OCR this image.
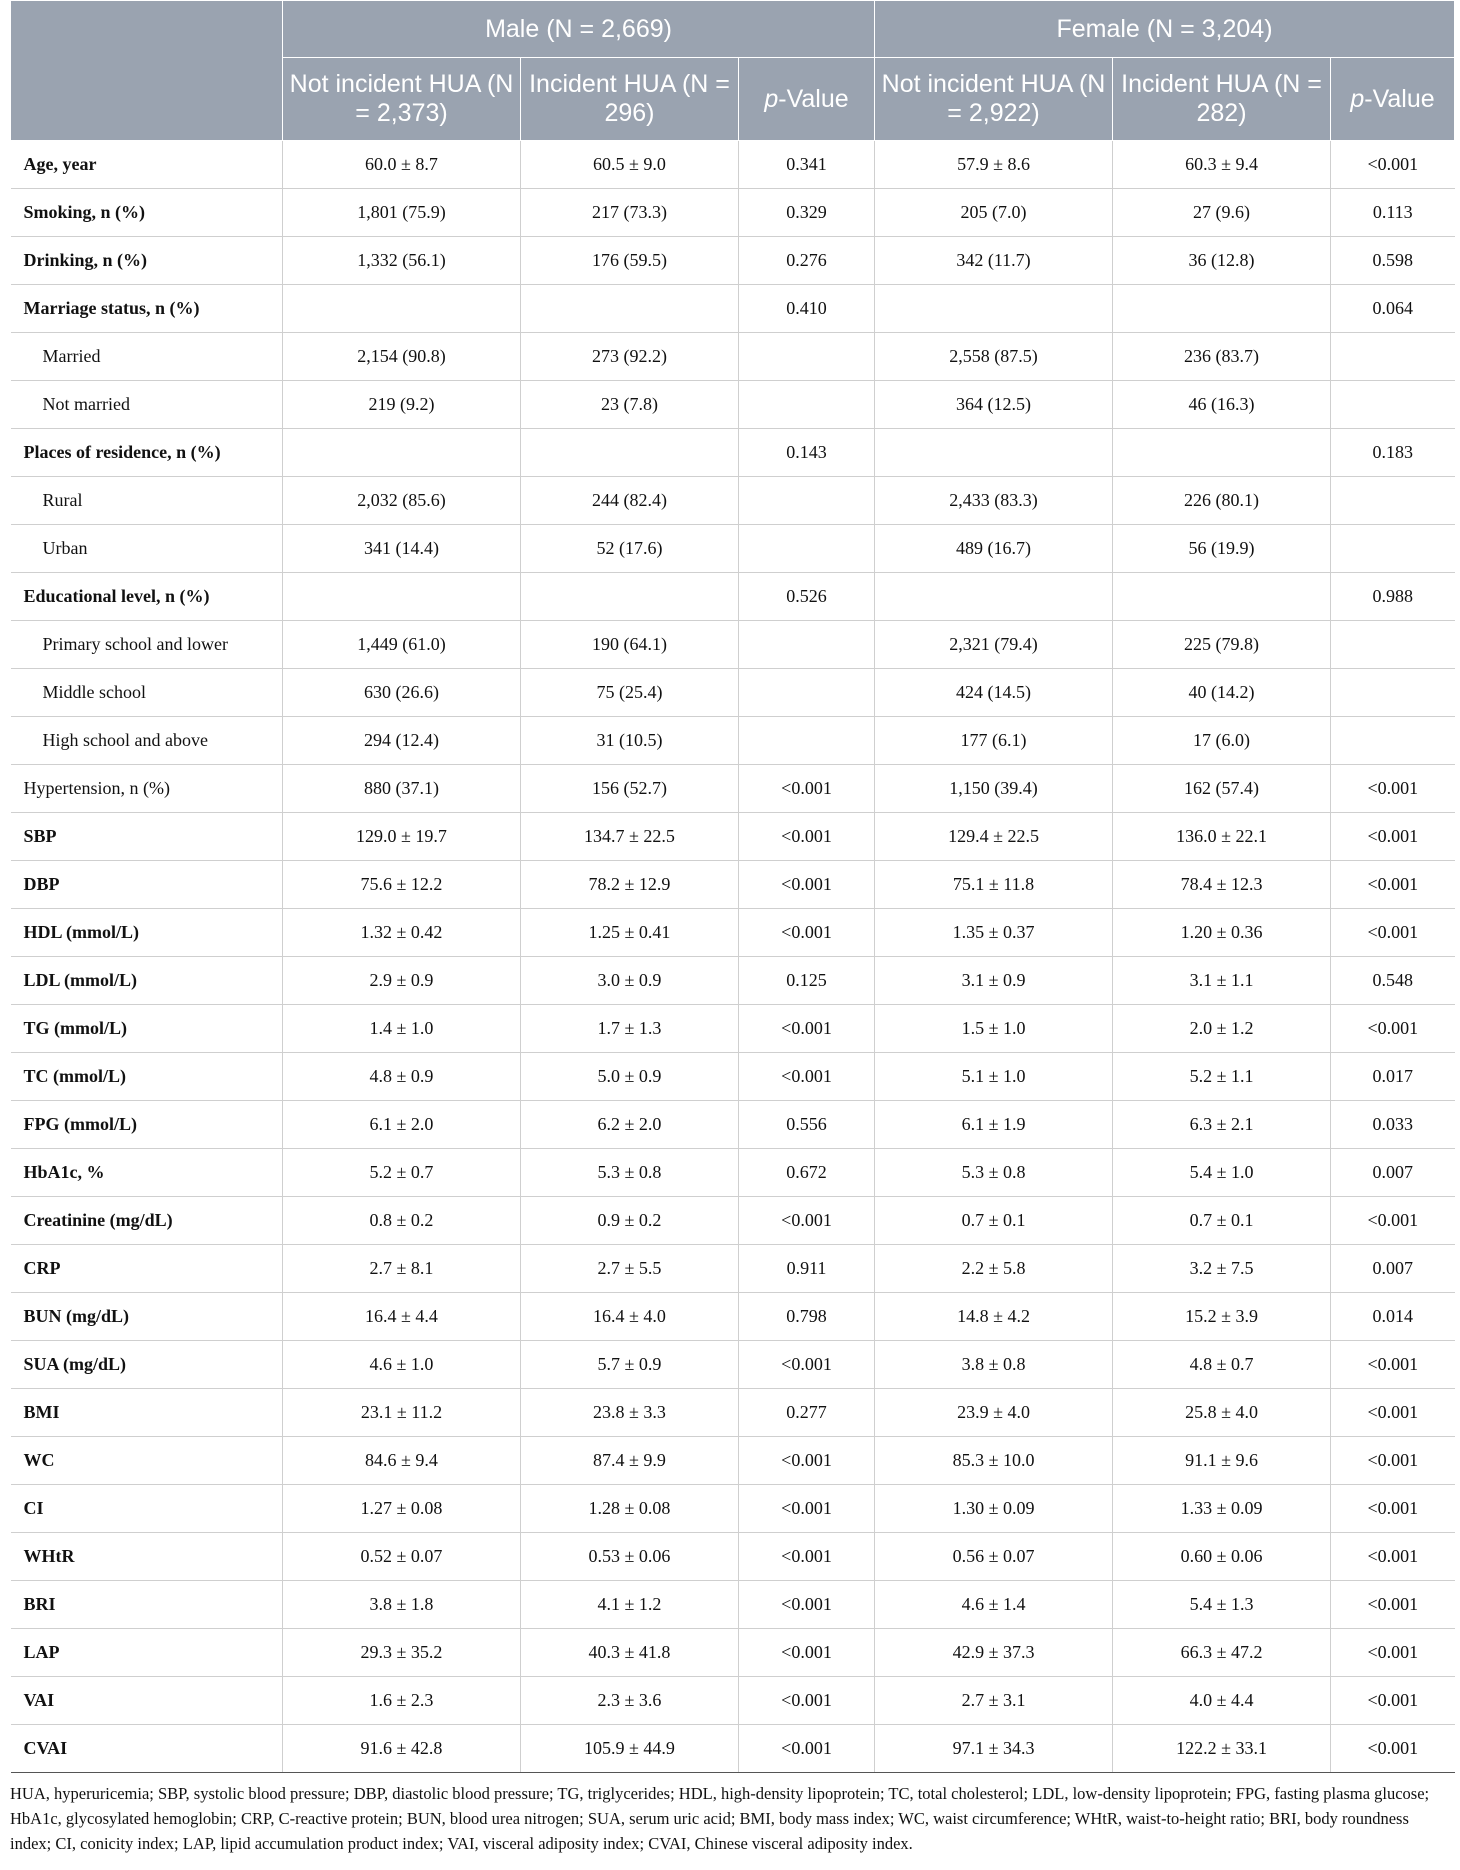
	Male (N = 2,669)			Female (N = 3,204)		
	Not incident HUA (N = 2,373)	Incident HUA (N = 296)	p-Value	Not incident HUA (N = 2,922)	Incident HUA (N = 282)	p-Value
Age, year	60.0 ± 8.7	60.5 ± 9.0	0.341	57.9 ± 8.6	60.3 ± 9.4	<0.001
Smoking, n (%)	1,801 (75.9)	217 (73.3)	0.329	205 (7.0)	27 (9.6)	0.113
Drinking, n (%)	1,332 (56.1)	176 (59.5)	0.276	342 (11.7)	36 (12.8)	0.598
Marriage status, n (%)			0.410			0.064
Married	2,154 (90.8)	273 (92.2)		2,558 (87.5)	236 (83.7)	
Not married	219 (9.2)	23 (7.8)		364 (12.5)	46 (16.3)	
Places of residence, n (%)			0.143			0.183
Rural	2,032 (85.6)	244 (82.4)		2,433 (83.3)	226 (80.1)	
Urban	341 (14.4)	52 (17.6)		489 (16.7)	56 (19.9)	
Educational level, n (%)			0.526			0.988
Primary school and lower	1,449 (61.0)	190 (64.1)		2,321 (79.4)	225 (79.8)	
Middle school	630 (26.6)	75 (25.4)		424 (14.5)	40 (14.2)	
High school and above	294 (12.4)	31 (10.5)		177 (6.1)	17 (6.0)	
Hypertension, n (%)	880 (37.1)	156 (52.7)	<0.001	1,150 (39.4)	162 (57.4)	<0.001
SBP	129.0 ± 19.7	134.7 ± 22.5	<0.001	129.4 ± 22.5	136.0 ± 22.1	<0.001
DBP	75.6 ± 12.2	78.2 ± 12.9	<0.001	75.1 ± 11.8	78.4 ± 12.3	<0.001
HDL (mmol/L)	1.32 ± 0.42	1.25 ± 0.41	<0.001	1.35 ± 0.37	1.20 ± 0.36	<0.001
LDL (mmol/L)	2.9 ± 0.9	3.0 ± 0.9	0.125	3.1 ± 0.9	3.1 ± 1.1	0.548
TG (mmol/L)	1.4 ± 1.0	1.7 ± 1.3	<0.001	1.5 ± 1.0	2.0 ± 1.2	<0.001
TC (mmol/L)	4.8 ± 0.9	5.0 ± 0.9	<0.001	5.1 ± 1.0	5.2 ± 1.1	0.017
FPG (mmol/L)	6.1 ± 2.0	6.2 ± 2.0	0.556	6.1 ± 1.9	6.3 ± 2.1	0.033
HbA1c, %	5.2 ± 0.7	5.3 ± 0.8	0.672	5.3 ± 0.8	5.4 ± 1.0	0.007
Creatinine (mg/dL)	0.8 ± 0.2	0.9 ± 0.2	<0.001	0.7 ± 0.1	0.7 ± 0.1	<0.001
CRP	2.7 ± 8.1	2.7 ± 5.5	0.911	2.2 ± 5.8	3.2 ± 7.5	0.007
BUN (mg/dL)	16.4 ± 4.4	16.4 ± 4.0	0.798	14.8 ± 4.2	15.2 ± 3.9	0.014
SUA (mg/dL)	4.6 ± 1.0	5.7 ± 0.9	<0.001	3.8 ± 0.8	4.8 ± 0.7	<0.001
BMI	23.1 ± 11.2	23.8 ± 3.3	0.277	23.9 ± 4.0	25.8 ± 4.0	<0.001
WC	84.6 ± 9.4	87.4 ± 9.9	<0.001	85.3 ± 10.0	91.1 ± 9.6	<0.001
CI	1.27 ± 0.08	1.28 ± 0.08	<0.001	1.30 ± 0.09	1.33 ± 0.09	<0.001
WHtR	0.52 ± 0.07	0.53 ± 0.06	<0.001	0.56 ± 0.07	0.60 ± 0.06	<0.001
BRI	3.8 ± 1.8	4.1 ± 1.2	<0.001	4.6 ± 1.4	5.4 ± 1.3	<0.001
LAP	29.3 ± 35.2	40.3 ± 41.8	<0.001	42.9 ± 37.3	66.3 ± 47.2	<0.001
VAI	1.6 ± 2.3	2.3 ± 3.6	<0.001	2.7 ± 3.1	4.0 ± 4.4	<0.001
CVAI	91.6 ± 42.8	105.9 ± 44.9	<0.001	97.1 ± 34.3	122.2 ± 33.1	<0.001
HUA, hyperuricemia; SBP, systolic blood pressure; DBP, diastolic blood pressure; TG, triglycerides; HDL, high-density lipoprotein; TC, total cholesterol; LDL, low-density lipoprotein; FPG, fasting plasma glucose; HbA1c, glycosylated hemoglobin; CRP, C-reactive protein; BUN, blood urea nitrogen; SUA, serum uric acid; BMI, body mass index; WC, waist circumference; WHtR, waist-to-height ratio; BRI, body roundness index; CI, conicity index; LAP, lipid accumulation product index; VAI, visceral adiposity index; CVAI, Chinese visceral adiposity index.
